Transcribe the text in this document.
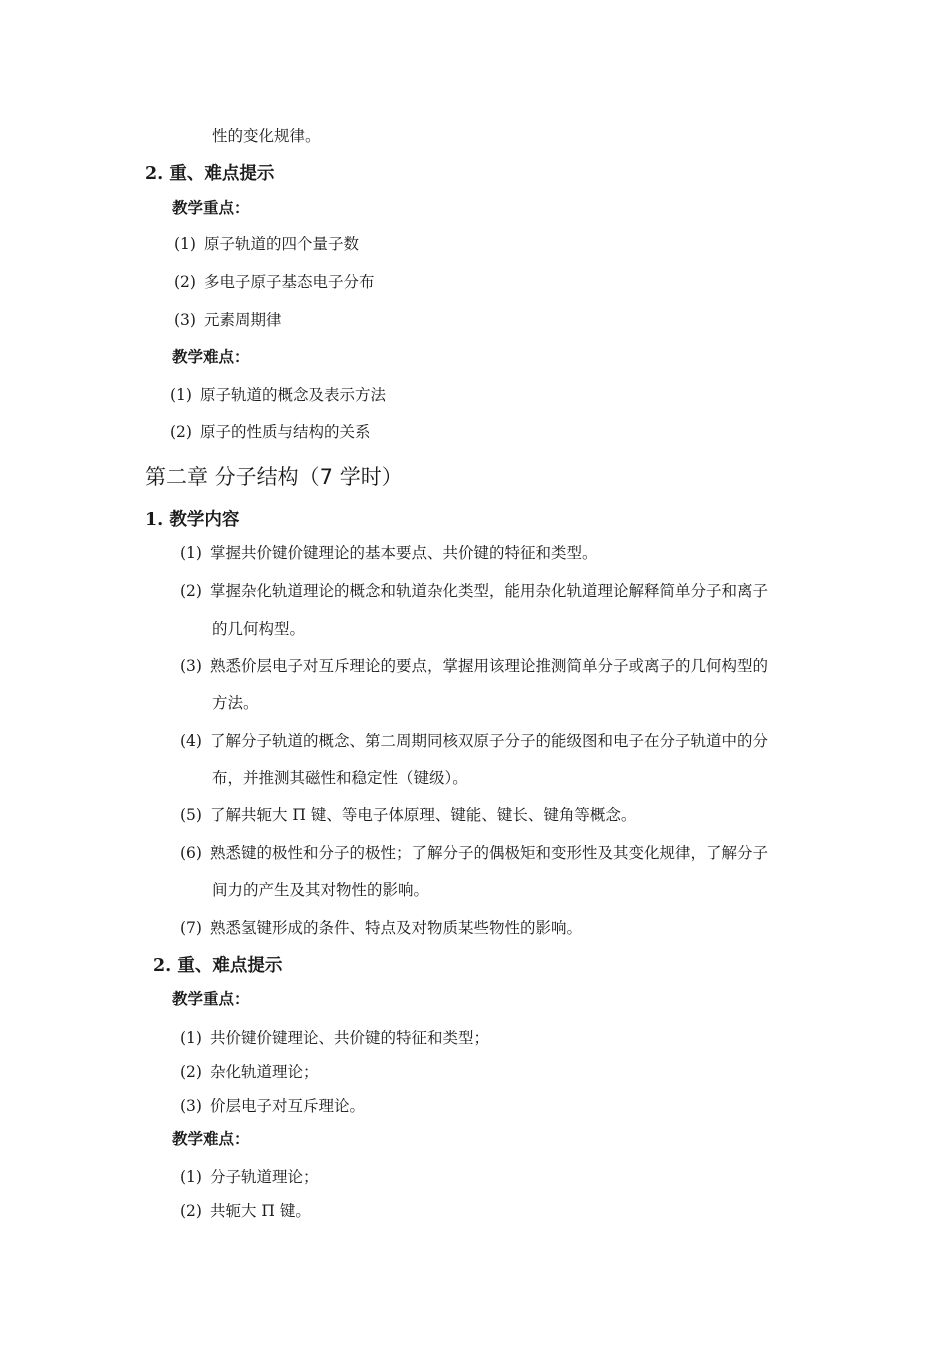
性的变化规律。
2. 重、难点提示
教学重点：
(1) 原子轨道的四个量子数
(2) 多电子原子基态电子分布
(3) 元素周期律
教学难点：
(1) 原子轨道的概念及表示方法
(2) 原子的性质与结构的关系
第二章 分子结构（7 学时）
1. 教学内容
(1) 掌握共价键价键理论的基本要点、共价键的特征和类型。
(2) 掌握杂化轨道理论的概念和轨道杂化类型，能用杂化轨道理论解释简单分子和离子
的几何构型。
(3) 熟悉价层电子对互斥理论的要点，掌握用该理论推测简单分子或离子的几何构型的
方法。
(4) 了解分子轨道的概念、第二周期同核双原子分子的能级图和电子在分子轨道中的分
布，并推测其磁性和稳定性（键级）。
(5) 了解共轭大 Π 键、等电子体原理、键能、键长、键角等概念。
(6) 熟悉键的极性和分子的极性；了解分子的偶极矩和变形性及其变化规律，了解分子
间力的产生及其对物性的影响。
(7) 熟悉氢键形成的条件、特点及对物质某些物性的影响。
2. 重、难点提示
教学重点：
(1) 共价键价键理论、共价键的特征和类型；
(2) 杂化轨道理论；
(3) 价层电子对互斥理论。
教学难点：
(1) 分子轨道理论；
(2) 共轭大 Π 键。
